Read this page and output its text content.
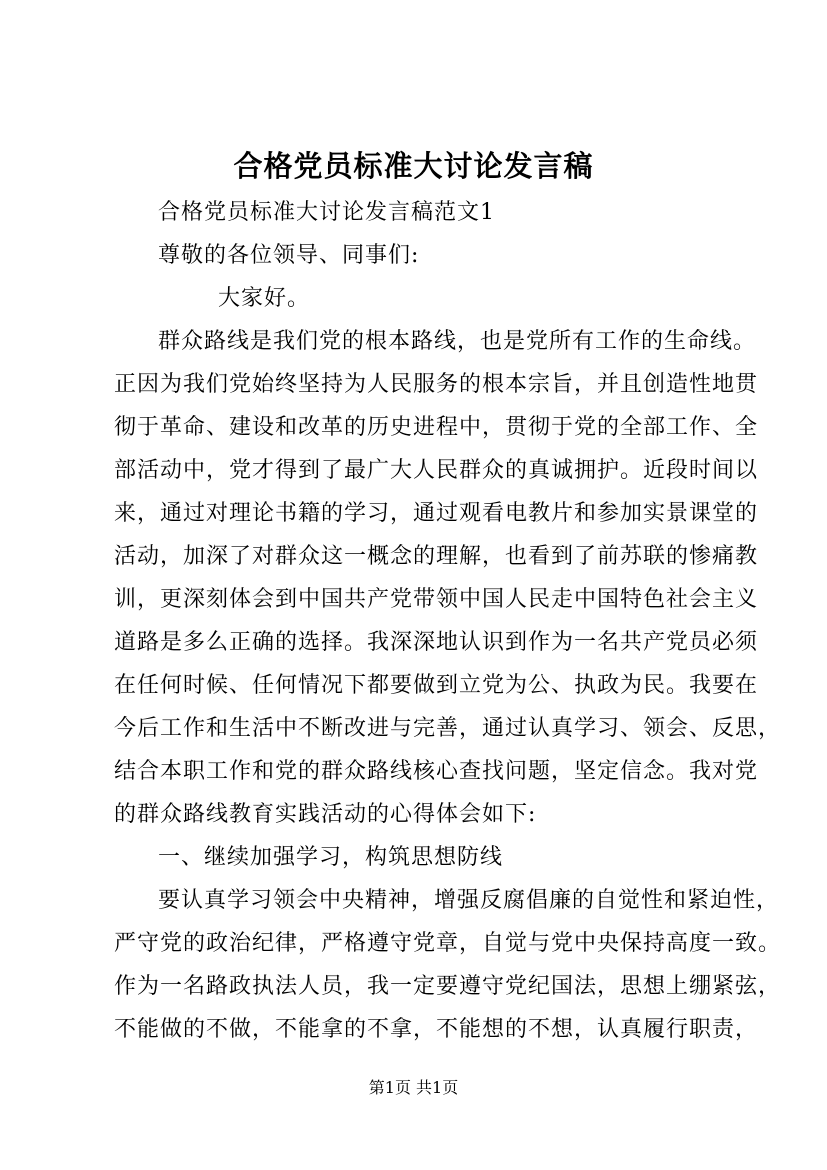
合格党员标准大讨论发言稿
合格党员标准大讨论发言稿范文1
尊敬的各位领导、同事们:
大家好。
群众路线是我们党的根本路线，也是党所有工作的生命线。
正因为我们党始终坚持为人民服务的根本宗旨，并且创造性地贯
彻于革命、建设和改革的历史进程中，贯彻于党的全部工作、全
部活动中，党才得到了最广大人民群众的真诚拥护。近段时间以
来，通过对理论书籍的学习，通过观看电教片和参加实景课堂的
活动，加深了对群众这一概念的理解，也看到了前苏联的惨痛教
训，更深刻体会到中国共产党带领中国人民走中国特色社会主义
道路是多么正确的选择。我深深地认识到作为一名共产党员必须
在任何时候、任何情况下都要做到立党为公、执政为民。我要在
今后工作和生活中不断改进与完善，通过认真学习、领会、反思，
结合本职工作和党的群众路线核心查找问题，坚定信念。我对党
的群众路线教育实践活动的心得体会如下:
一、继续加强学习，构筑思想防线
要认真学习领会中央精神，增强反腐倡廉的自觉性和紧迫性，
严守党的政治纪律，严格遵守党章，自觉与党中央保持高度一致。
作为一名路政执法人员，我一定要遵守党纪国法，思想上绷紧弦，
不能做的不做，不能拿的不拿，不能想的不想，认真履行职责，
第1页 共1页
